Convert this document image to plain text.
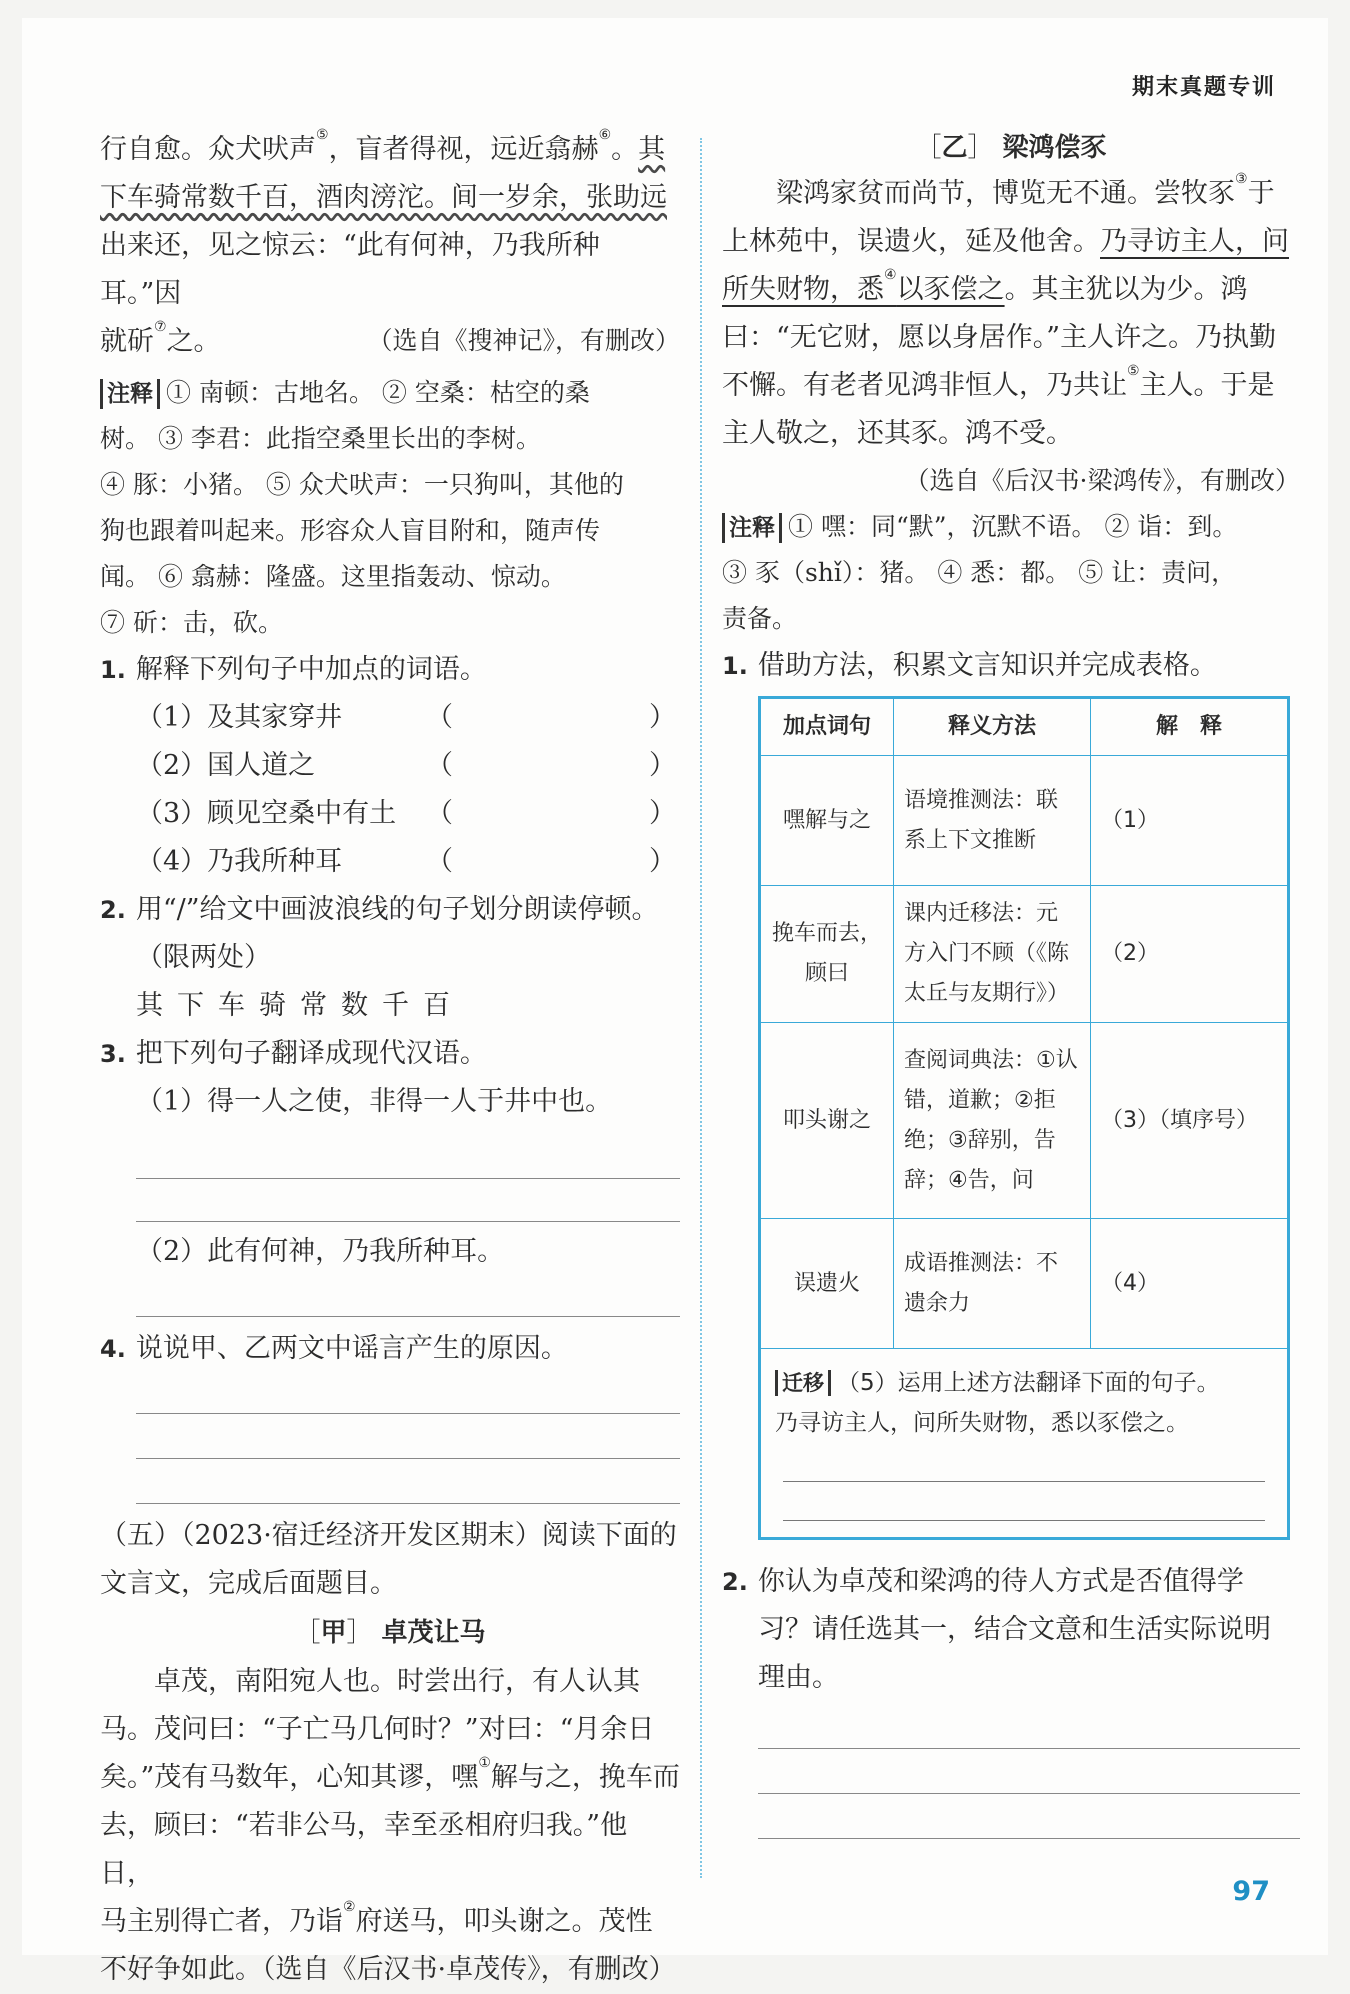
期末真题专训

行自愈。众犬吠声⑤，盲者得视，远近翕赫⑥。其

下车骑常数千百，酒肉滂沱。间一岁余，张助远

出来还，见之惊云：“此有何神，乃我所种耳。”因

就斫⑦之。	（选自《搜神记》，有删改）

注释 ① 南顿：古地名。 ② 空桑：枯空的桑

树。 ③ 李君：此指空桑里长出的李树。

④ 豚：小猪。 ⑤ 众犬吠声：一只狗叫，其他的

狗也跟着叫起来。形容众人盲目附和，随声传

闻。 ⑥ 翕赫：隆盛。这里指轰动、惊动。

⑦ 斫：击，砍。

1. 解释下列句子中加点的词语。

（1）及其家穿井	（	）
（2）国人道之	（	）
（3）顾见空桑中有土	（	）
（4）乃我所种耳	（	）

2. 用“/”给文中画波浪线的句子划分朗读停顿。

（限两处）

其下车骑常数千百

3. 把下列句子翻译成现代汉语。

（1）得一人之使，非得一人于井中也。

（2）此有何神，乃我所种耳。

4. 说说甲、乙两文中谣言产生的原因。

（五）（2023·宿迁经济开发区期末）阅读下面的

文言文，完成后面题目。

［甲］ 卓茂让马

卓茂，南阳宛人也。时尝出行，有人认其

马。茂问曰：“子亡马几何时？”对曰：“月余日

矣。”茂有马数年，心知其谬，嘿①解与之，挽车而

去，顾曰：“若非公马，幸至丞相府归我。”他日，

马主别得亡者，乃诣②府送马，叩头谢之。茂性

不好争如此。（选自《后汉书·卓茂传》，有删改）

［乙］ 梁鸿偿豕

梁鸿家贫而尚节，博览无不通。尝牧豕③于

上林苑中，误遗火，延及他舍。乃寻访主人，问

所失财物，悉④以豕偿之。其主犹以为少。鸿

曰：“无它财，愿以身居作。”主人许之。乃执勤

不懈。有老者见鸿非恒人，乃共让⑤主人。于是

主人敬之，还其豕。鸿不受。

（选自《后汉书·梁鸿传》，有删改）

注释 ① 嘿：同“默”，沉默不语。 ② 诣：到。

③ 豕（shǐ）：猪。 ④ 悉：都。 ⑤ 让：责问，

责备。

1. 借助方法，积累文言知识并完成表格。

加点词句	释义方法	解　释
嘿解与之	语境推测法：联系上下文推断	（1）
挽车而去，顾曰	课内迁移法：元方入门不顾（《陈太丘与友期行》）	（2）
叩头谢之	查阅词典法：①认错，道歉；②拒绝；③辞别，告辞；④告，问	（3）（填序号）
误遗火	成语推测法：不遗余力	（4）

迁移 （5）运用上述方法翻译下面的句子。
乃寻访主人，问所失财物，悉以豕偿之。		

2. 你认为卓茂和梁鸿的待人方式是否值得学

习？请任选其一，结合文意和生活实际说明

理由。

97
